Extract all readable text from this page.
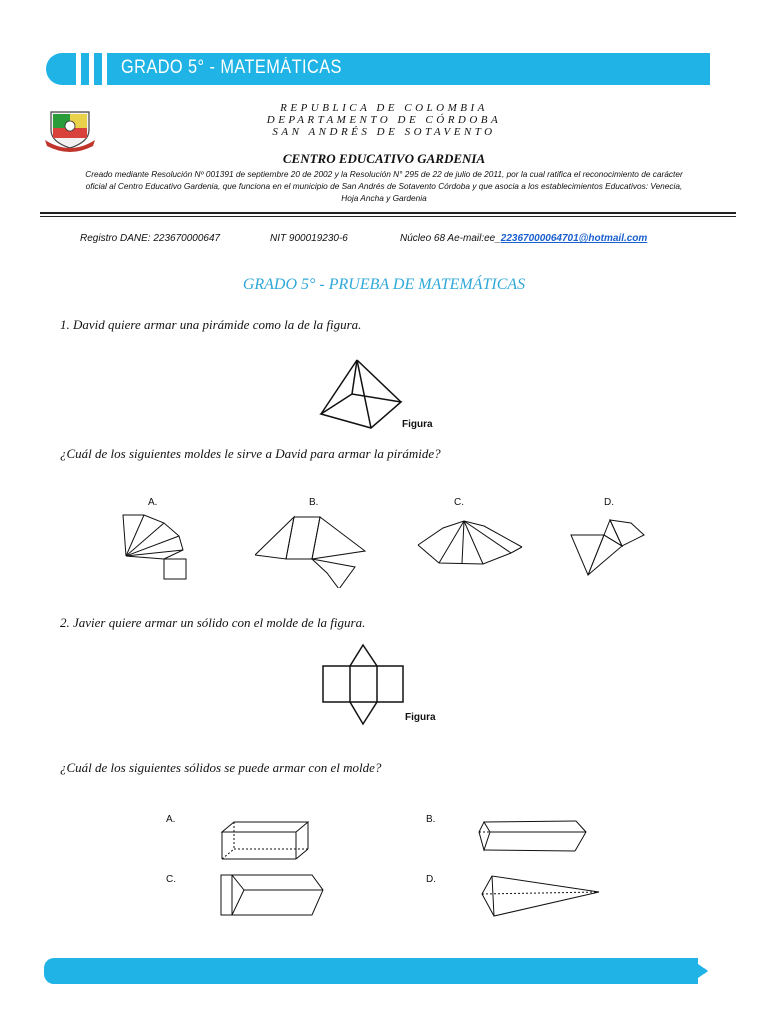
GRADO 5° - MATEMÁTICAS
REPUBLICA DE COLOMBIA
DEPARTAMENTO DE CÓRDOBA
SAN ANDRÉS DE SOTAVENTO
CENTRO EDUCATIVO GARDENIA
Creado mediante Resolución Nº 001391 de septiembre 20 de 2002 y la Resolución N° 295 de 22 de julio de 2011, por la cual ratifica el reconocimiento de carácter
oficial al Centro Educativo Gardenia, que funciona en el municipio de San Andrés de Sotavento Córdoba y que asocia a los establecimientos Educativos: Venecia,
Hoja Ancha y Gardenia
Registro DANE: 223670000647	NIT 900019230-6	Núcleo 68 Ae-mail:ee_22367000064701@hotmail.com
GRADO 5° - PRUEBA DE MATEMÁTICAS
1. David quiere armar una pirámide como la de la figura.
Figura
¿Cuál de los siguientes moldes le sirve a David para armar la pirámide?
A.	B.	C.	D.
2. Javier quiere armar un sólido con el molde de la figura.
Figura
¿Cuál de los siguientes sólidos se puede armar con el molde?
A.	B.
C.	D.
